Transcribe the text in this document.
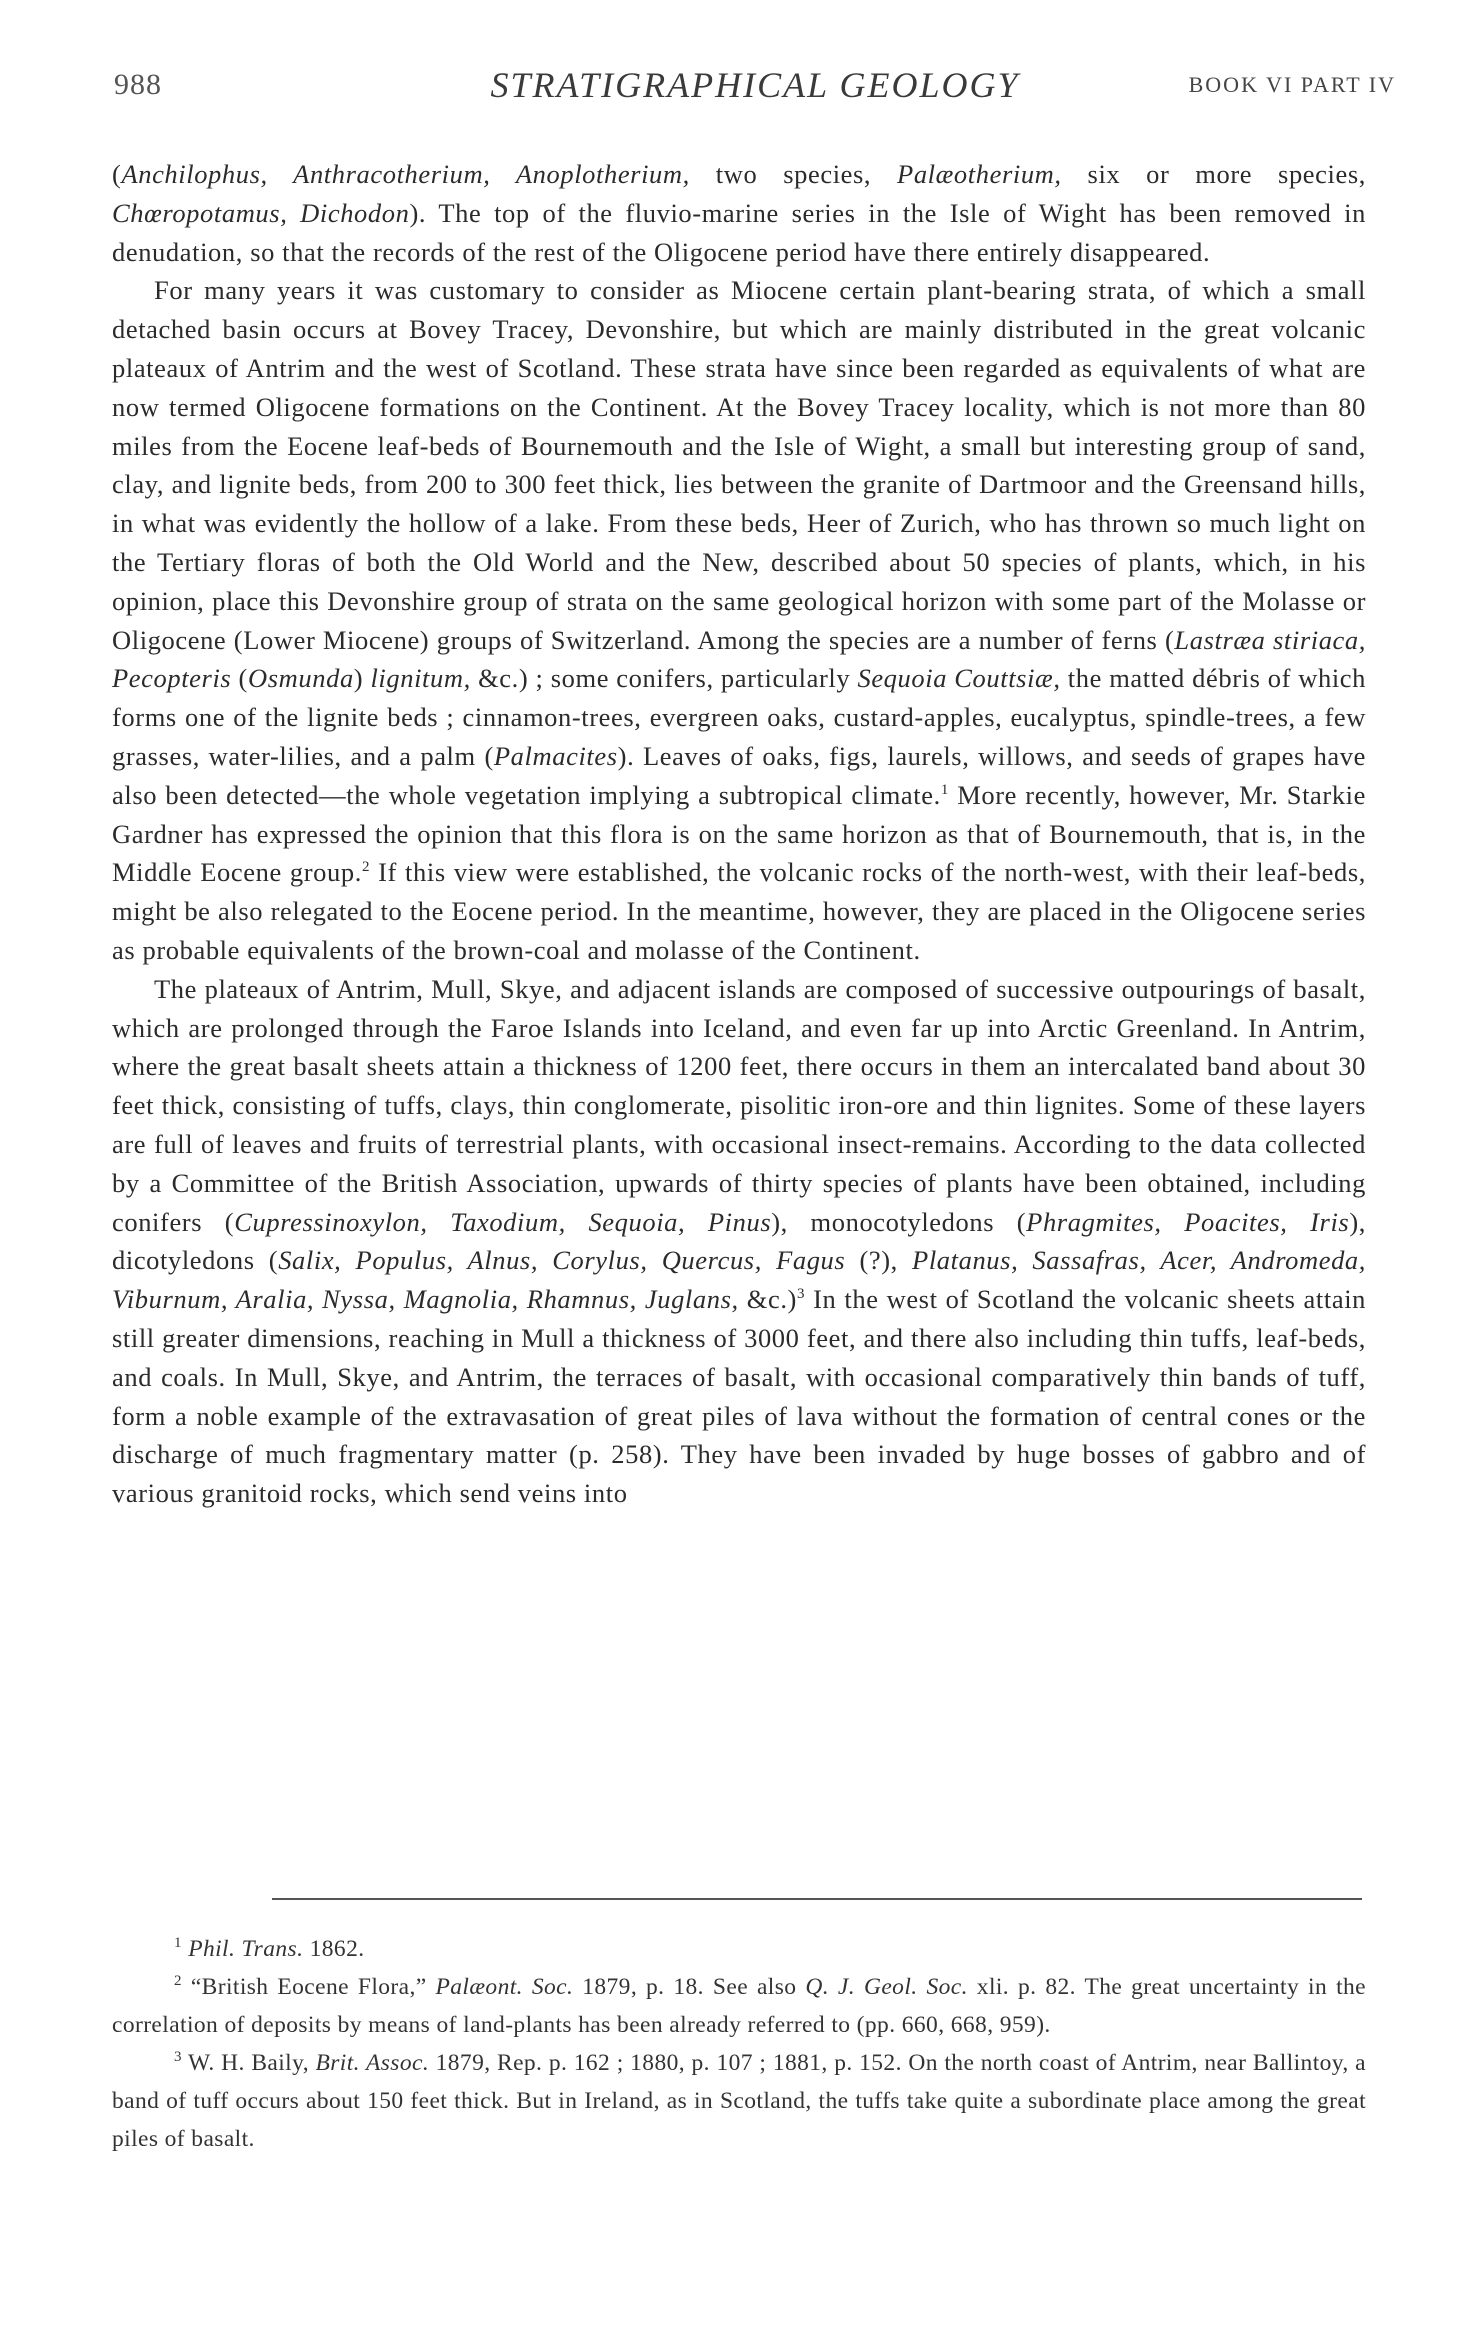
988	STRATIGRAPHICAL GEOLOGY	BOOK VI PART IV

(Anchilophus, Anthracotherium, Anoplotherium, two species, Palæotherium, six or more species, Chœropotamus, Dichodon). The top of the fluvio-marine series in the Isle of Wight has been removed in denudation, so that the records of the rest of the Oligocene period have there entirely disappeared.

For many years it was customary to consider as Miocene certain plant-bearing strata, of which a small detached basin occurs at Bovey Tracey, Devonshire, but which are mainly distributed in the great volcanic plateaux of Antrim and the west of Scotland. These strata have since been regarded as equivalents of what are now termed Oligocene formations on the Continent. At the Bovey Tracey locality, which is not more than 80 miles from the Eocene leaf-beds of Bournemouth and the Isle of Wight, a small but interesting group of sand, clay, and lignite beds, from 200 to 300 feet thick, lies between the granite of Dartmoor and the Greensand hills, in what was evidently the hollow of a lake. From these beds, Heer of Zurich, who has thrown so much light on the Tertiary floras of both the Old World and the New, described about 50 species of plants, which, in his opinion, place this Devonshire group of strata on the same geological horizon with some part of the Molasse or Oligocene (Lower Miocene) groups of Switzerland. Among the species are a number of ferns (Lastræa stiriaca, Pecopteris (Osmunda) lignitum, &c.) ; some conifers, particularly Sequoia Couttsiæ, the matted débris of which forms one of the lignite beds ; cinnamon-trees, evergreen oaks, custard-apples, eucalyptus, spindle-trees, a few grasses, water-lilies, and a palm (Palmacites). Leaves of oaks, figs, laurels, willows, and seeds of grapes have also been detected—the whole vegetation implying a subtropical climate.$^1$ More recently, however, Mr. Starkie Gardner has expressed the opinion that this flora is on the same horizon as that of Bournemouth, that is, in the Middle Eocene group.$^2$ If this view were established, the volcanic rocks of the north-west, with their leaf-beds, might be also relegated to the Eocene period. In the meantime, however, they are placed in the Oligocene series as probable equivalents of the brown-coal and molasse of the Continent.

The plateaux of Antrim, Mull, Skye, and adjacent islands are composed of successive outpourings of basalt, which are prolonged through the Faroe Islands into Iceland, and even far up into Arctic Greenland. In Antrim, where the great basalt sheets attain a thickness of 1200 feet, there occurs in them an intercalated band about 30 feet thick, consisting of tuffs, clays, thin conglomerate, pisolitic iron-ore and thin lignites. Some of these layers are full of leaves and fruits of terrestrial plants, with occasional insect-remains. According to the data collected by a Committee of the British Association, upwards of thirty species of plants have been obtained, including conifers (Cupressinoxylon, Taxodium, Sequoia, Pinus), monocotyledons (Phragmites, Poacites, Iris), dicotyledons (Salix, Populus, Alnus, Corylus, Quercus, Fagus (?), Platanus, Sassafras, Acer, Andromeda, Viburnum, Aralia, Nyssa, Magnolia, Rhamnus, Juglans, &c.)$^3$ In the west of Scotland the volcanic sheets attain still greater dimensions, reaching in Mull a thickness of 3000 feet, and there also including thin tuffs, leaf-beds, and coals. In Mull, Skye, and Antrim, the terraces of basalt, with occasional comparatively thin bands of tuff, form a noble example of the extravasation of great piles of lava without the formation of central cones or the discharge of much fragmentary matter (p. 258). They have been invaded by huge bosses of gabbro and of various granitoid rocks, which send veins into

$^1$ Phil. Trans. 1862.

$^2$ “British Eocene Flora,” Palæont. Soc. 1879, p. 18. See also Q. J. Geol. Soc. xli. p. 82. The great uncertainty in the correlation of deposits by means of land-plants has been already referred to (pp. 660, 668, 959).

$^3$ W. H. Baily, Brit. Assoc. 1879, Rep. p. 162 ; 1880, p. 107 ; 1881, p. 152. On the north coast of Antrim, near Ballintoy, a band of tuff occurs about 150 feet thick. But in Ireland, as in Scotland, the tuffs take quite a subordinate place among the great piles of basalt.
